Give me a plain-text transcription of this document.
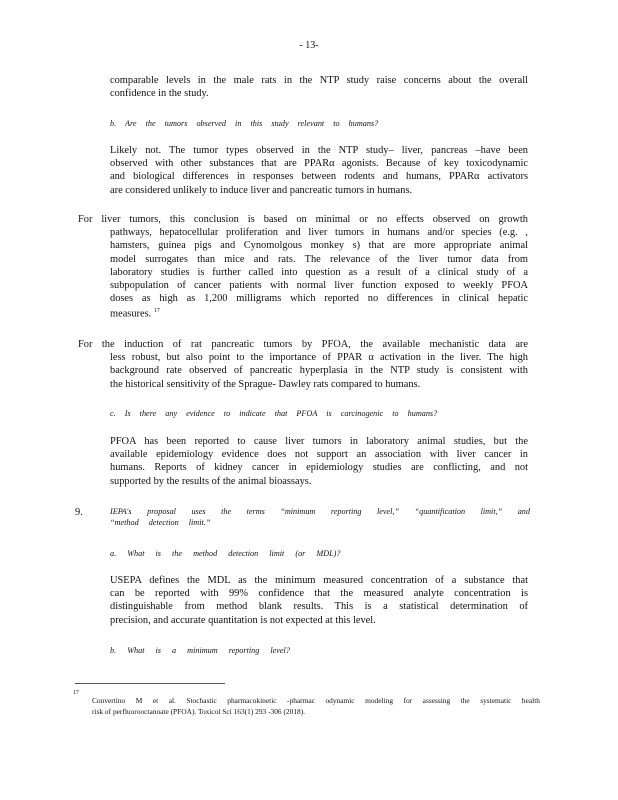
- 13-

comparable levels in the male rats in the NTP study raise concerns about the overall
confidence in the study.

b. Are the tumors observed in this study relevant to humans?

Likely not. The tumor types observed in the NTP study– liver, pancreas –have been
observed with other substances that are PPARα agonists. Because of key toxicodynamic
and biological differences in responses between rodents and humans, PPARα activators
are considered unlikely to induce liver and pancreatic tumors in humans.

For liver tumors, this conclusion is based on minimal or no effects observed on growth
pathways, hepatocellular proliferation and liver tumors in humans and/or species (e.g. ,
hamsters, guinea pigs and Cynomolgous monkey s) that are more appropriate animal
model surrogates than mice and rats. The relevance of the liver tumor data from
laboratory studies is further called into question as a result of a clinical study of a
subpopulation of cancer patients with normal liver function exposed to weekly PFOA
doses as high as 1,200 milligrams which reported no differences in clinical hepatic
measures. $^{17}$

For the induction of rat pancreatic tumors by PFOA, the available mechanistic data are
less robust, but also point to the importance of PPAR α activation in the liver. The high
background rate observed of pancreatic hyperplasia in the NTP study is consistent with
the historical sensitivity of the Sprague- Dawley rats compared to humans.

c. Is there any evidence to indicate that PFOA is carcinogenic to humans?

PFOA has been reported to cause liver tumors in laboratory animal studies, but the
available epidemiology evidence does not support an association with liver cancer in
humans. Reports of kidney cancer in epidemiology studies are conflicting, and not
supported by the results of the animal bioassays.

9.	IEPA's proposal uses the terms “minimum reporting level,” “quantification limit,” and
“method detection limit.”
a. What is the method detection limit (or MDL)?

USEPA defines the MDL as the minimum measured concentration of a substance that
can be reported with 99% confidence that the measured analyte concentration is
distinguishable from method blank results. This is a statistical determination of
precision, and accurate quantitation is not expected at this level.

b. What is a minimum reporting level?
17
Convertino M et al. Stochastic pharmacokinetic -pharmac odynamic modeling for assessing the systematic health
risk of perfluorooctanoate (PFOA). Toxicol Sci 163(1) 293 -306 (2018).
